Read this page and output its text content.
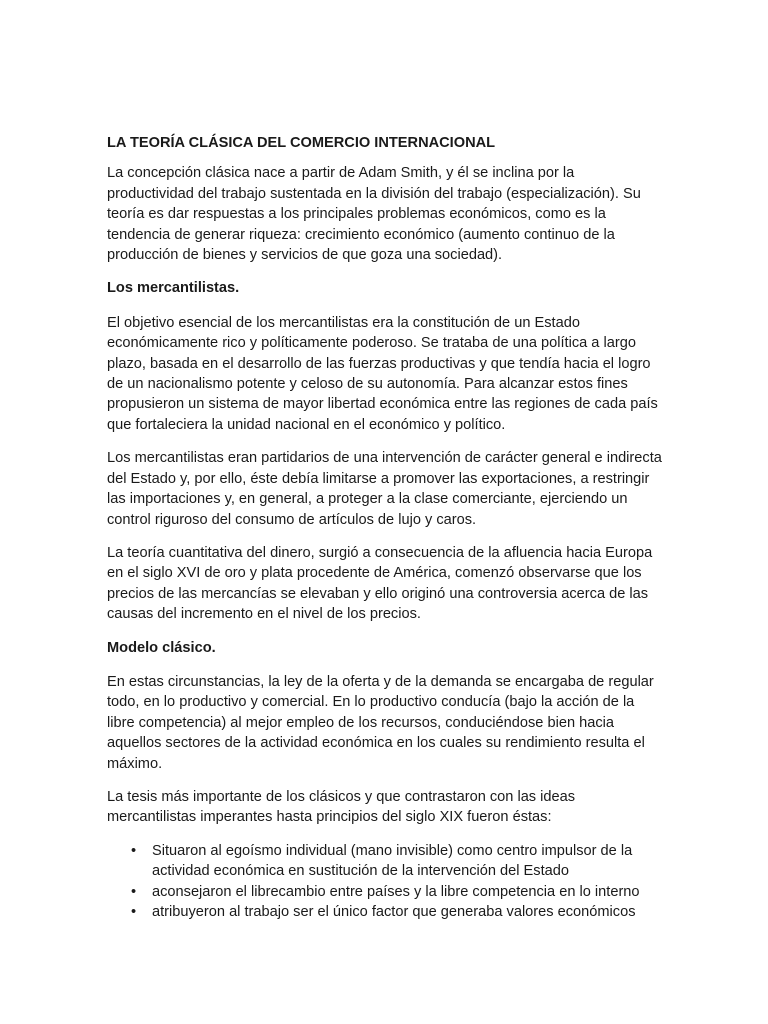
LA TEORÍA CLÁSICA DEL COMERCIO INTERNACIONAL

La concepción clásica nace a partir de Adam Smith, y él se inclina por la productividad del trabajo sustentada en la división del trabajo (especialización). Su teoría es dar respuestas a los principales problemas económicos, como es la tendencia de generar riqueza: crecimiento económico (aumento continuo de la producción de bienes y servicios de que goza una sociedad).

Los mercantilistas.

El objetivo esencial de los mercantilistas era la constitución de un Estado económicamente rico y políticamente poderoso. Se trataba de una política a largo plazo, basada en el desarrollo de las fuerzas productivas y que tendía hacia el logro de un nacionalismo potente y celoso de su autonomía. Para alcanzar estos fines propusieron un sistema de mayor libertad económica entre las regiones de cada país que fortaleciera la unidad nacional en el económico y político.

Los mercantilistas eran partidarios de una intervención de carácter general e indirecta del Estado y, por ello, éste debía limitarse a promover las exportaciones, a restringir las importaciones y, en general, a proteger a la clase comerciante, ejerciendo un control riguroso del consumo de artículos de lujo y caros.

La teoría cuantitativa del dinero, surgió a consecuencia de la afluencia hacia Europa en el siglo XVI de oro y plata procedente de América, comenzó observarse que los precios de las mercancías se elevaban y ello originó una controversia acerca de las causas del incremento en el nivel de los precios.

Modelo clásico.

En estas circunstancias, la ley de la oferta y de la demanda se encargaba de regular todo, en lo productivo y comercial. En lo productivo conducía (bajo la acción de la libre competencia) al mejor empleo de los recursos, conduciéndose bien hacia aquellos sectores de la actividad económica en los cuales su rendimiento resulta el máximo.

La tesis más importante de los clásicos y que contrastaron con las ideas mercantilistas imperantes hasta principios del siglo XIX fueron éstas:

• Situaron al egoísmo individual (mano invisible) como centro impulsor de la actividad económica en sustitución de la intervención del Estado
• aconsejaron el librecambio entre países y la libre competencia en lo interno
• atribuyeron al trabajo ser el único factor que generaba valores económicos
